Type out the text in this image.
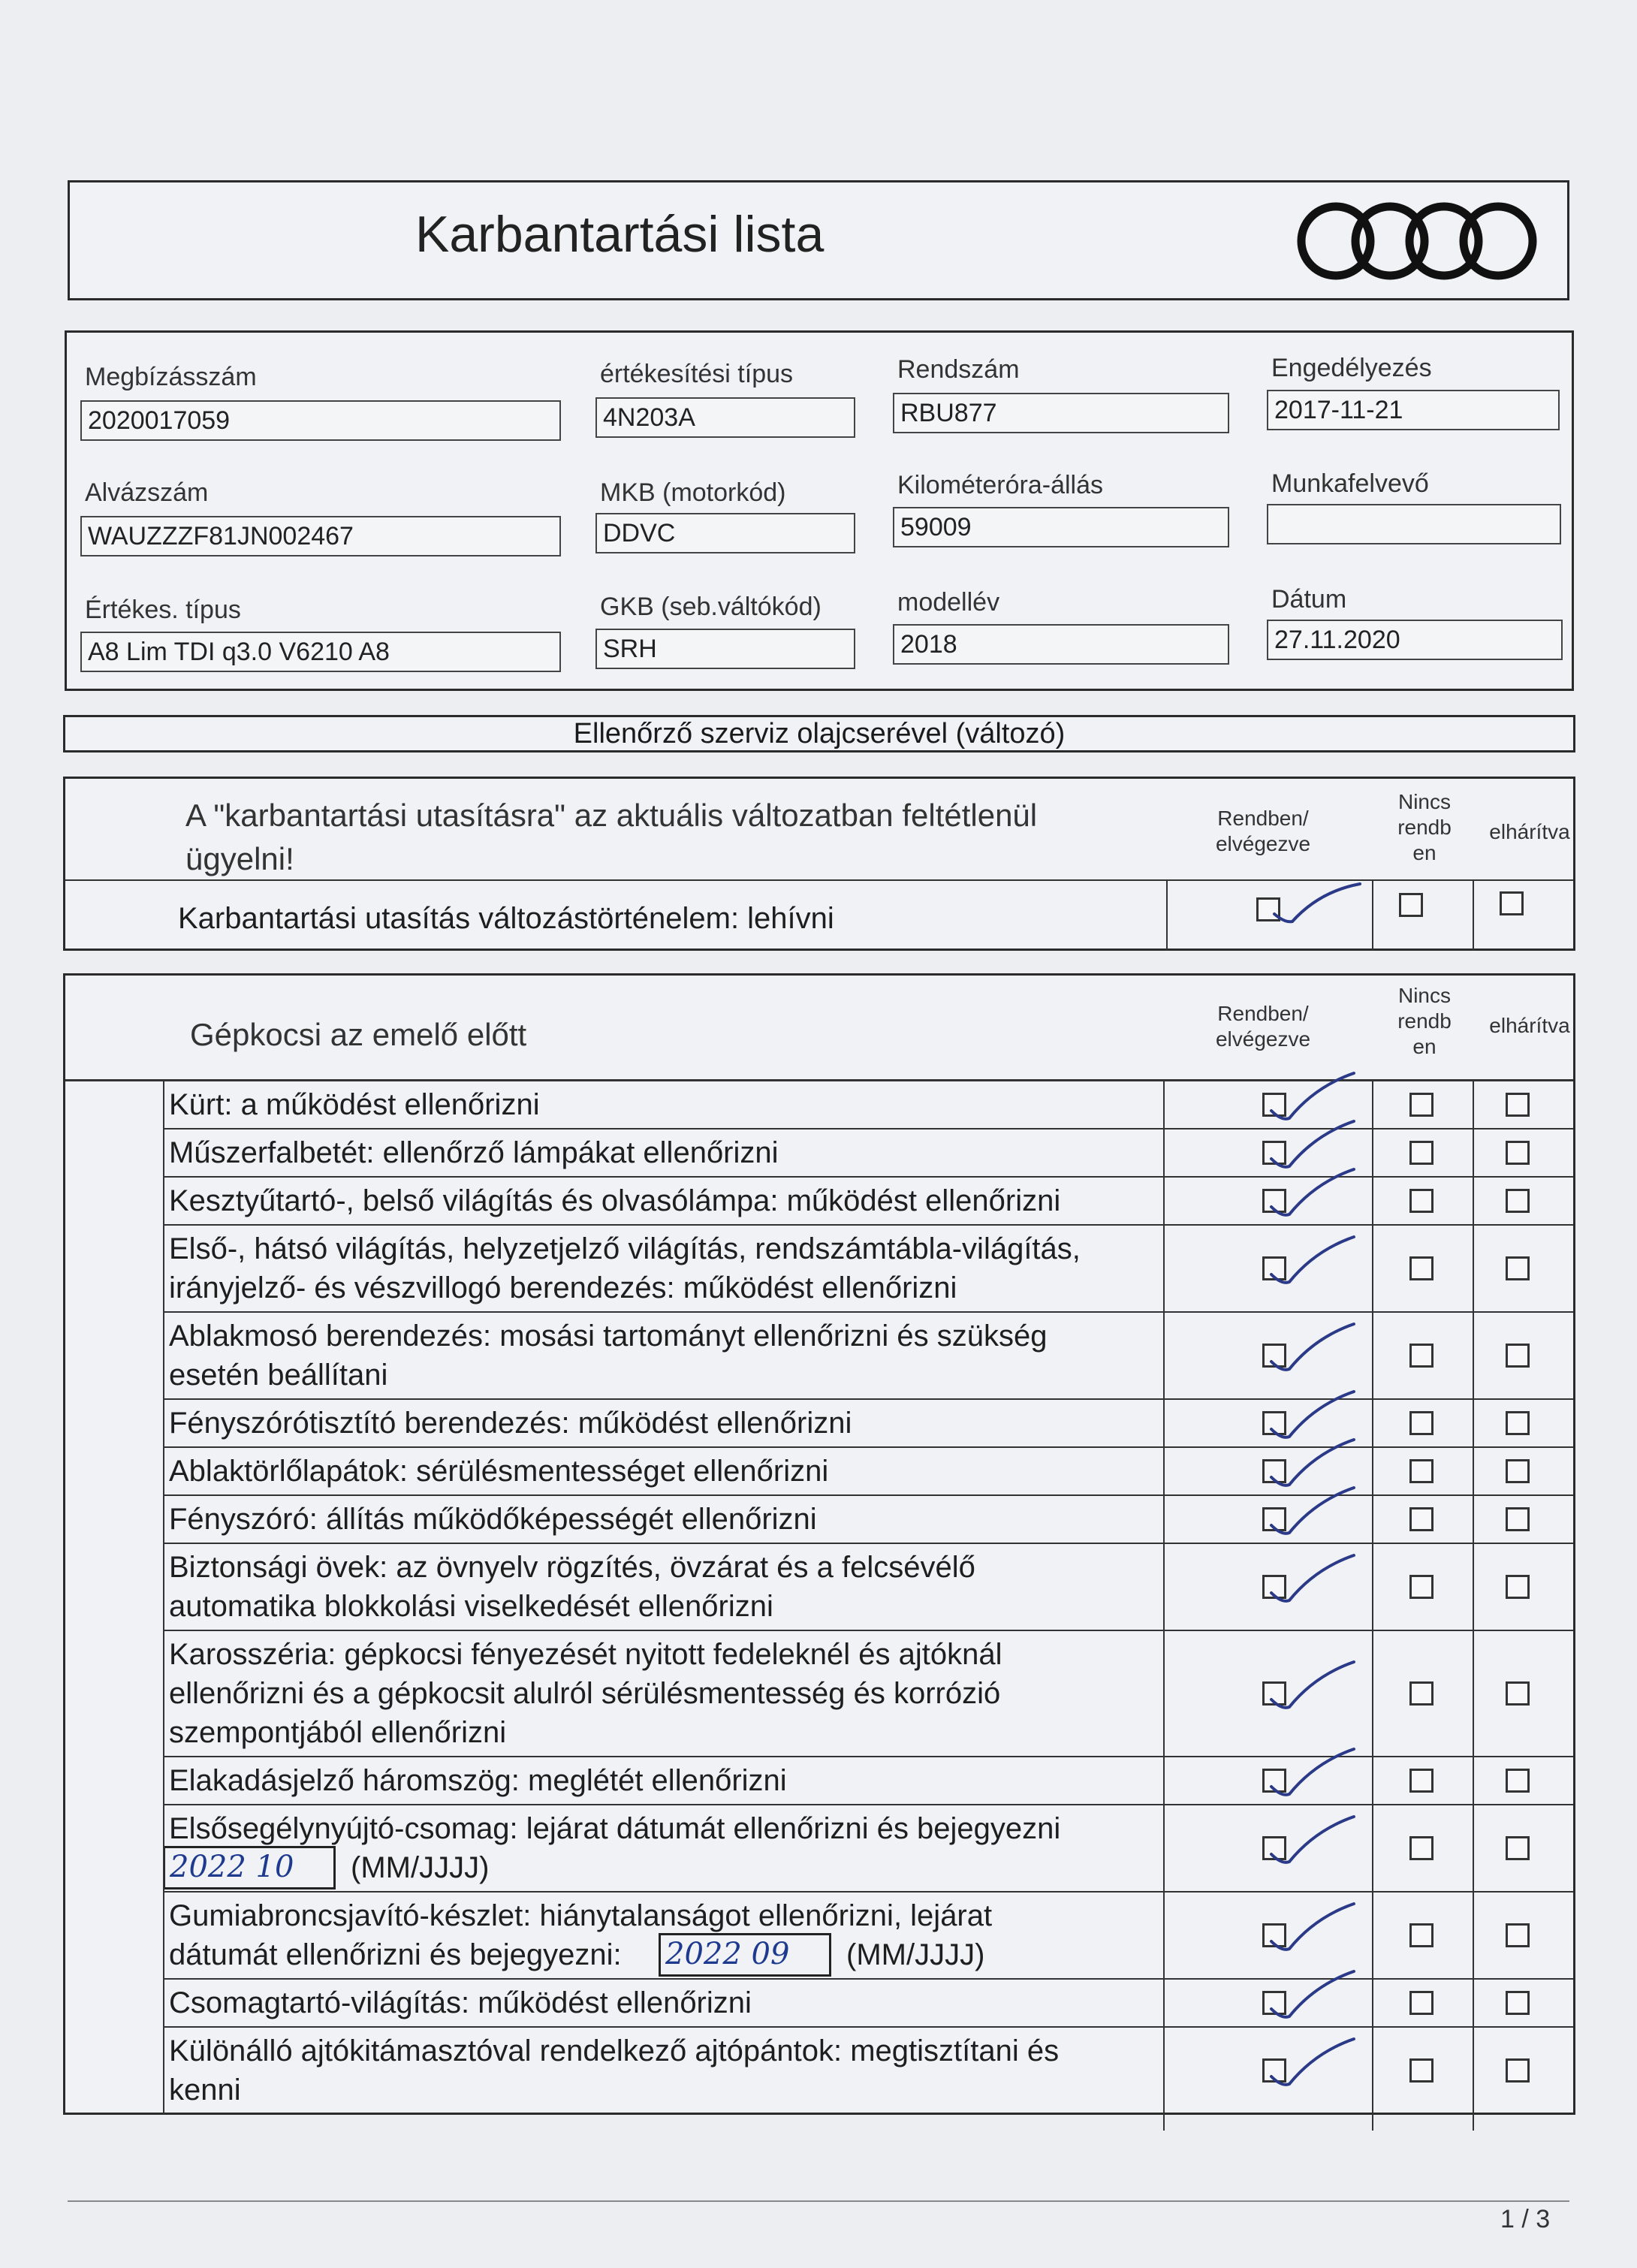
Karbantartási lista
Megbízásszám
2020017059
értékesítési típus
4N203A
Rendszám
RBU877
Engedélyezés
2017-11-21
Alvázszám
WAUZZZF81JN002467
MKB (motorkód)
DDVC
Kilométeróra-állás
59009
Munkafelvevő
Értékes. típus
A8 Lim TDI q3.0 V6210 A8
GKB (seb.váltókód)
SRH
modellév
2018
Dátum
27.11.2020
Ellenőrző szerviz olajcserével (változó)
A "karbantartási utasításra" az aktuális változatban feltétlenül
ügyelni!
Rendben/
elvégezve
Nincs
rendb
en
elhárítva
Karbantartási utasítás változástörténelem: lehívni
Gépkocsi az emelő előtt
Rendben/
elvégezve
Nincs
rendb
en
elhárítva
Kürt: a működést ellenőrizni
Műszerfalbetét: ellenőrző lámpákat ellenőrizni
Kesztyűtartó-, belső világítás és olvasólámpa: működést ellenőrizni
Első-, hátsó világítás, helyzetjelző világítás, rendszámtábla-világítás,
irányjelző- és vészvillogó berendezés: működést ellenőrizni
Ablakmosó berendezés: mosási tartományt ellenőrizni és szükség
esetén beállítani
Fényszórótisztító berendezés: működést ellenőrizni
Ablaktörlőlapátok: sérülésmentességet ellenőrizni
Fényszóró: állítás működőképességét ellenőrizni
Biztonsági övek: az övnyelv rögzítés, övzárat és a felcsévélő
automatika blokkolási viselkedését ellenőrizni
Karosszéria: gépkocsi fényezését nyitott fedeleknél és ajtóknál
ellenőrizni és a gépkocsit alulról sérülésmentesség és korrózió
szempontjából ellenőrizni
Elakadásjelző háromszög: meglétét ellenőrizni
Elsősegélynyújtó-csomag: lejárat dátumát ellenőrizni és bejegyezni
2022 10	(MM/JJJJ)
Gumiabroncsjavító-készlet: hiánytalanságot ellenőrizni, lejárat
dátumát ellenőrizni és bejegyezni: 2022 09	(MM/JJJJ)
Csomagtartó-világítás: működést ellenőrizni
Különálló ajtókitámasztóval rendelkező ajtópántok: megtisztítani és
kenni
1 / 3
